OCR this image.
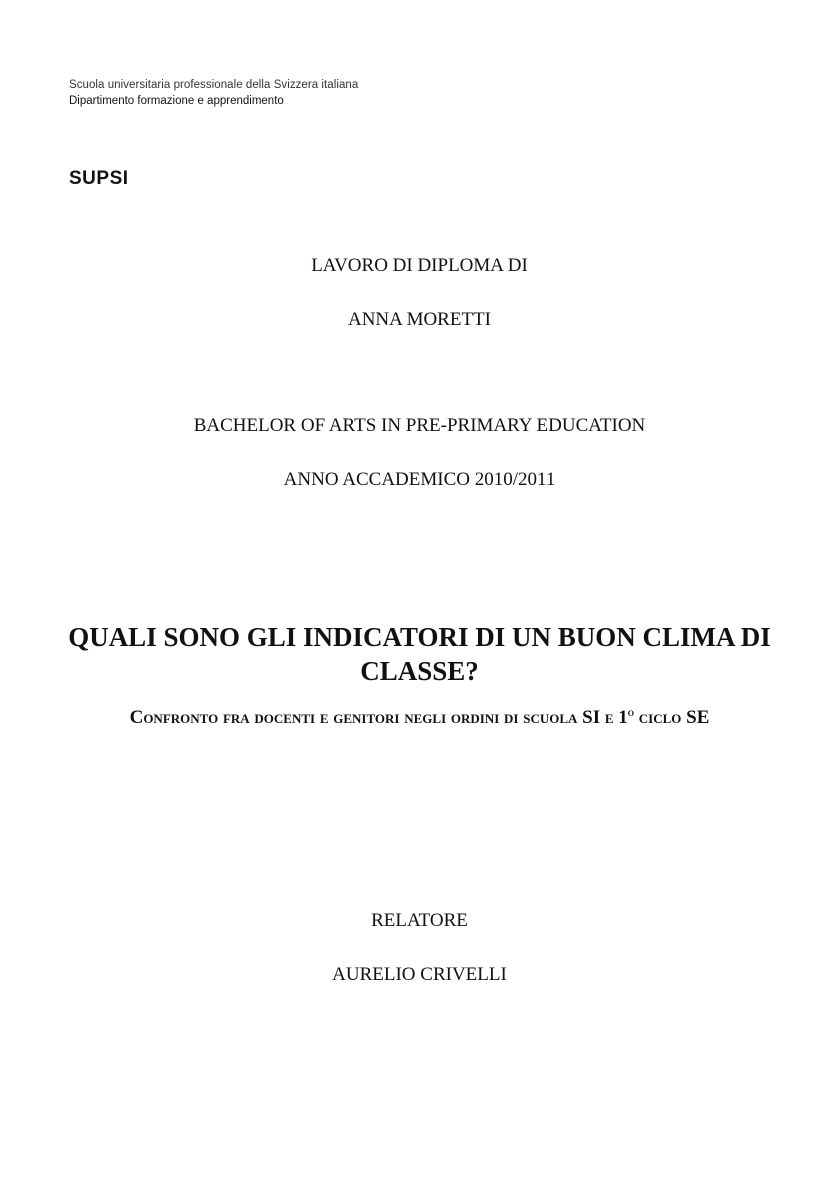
Scuola universitaria professionale della Svizzera italiana
Dipartimento formazione e apprendimento
SUPSI
LAVORO DI DIPLOMA DI
ANNA MORETTI
BACHELOR OF ARTS IN PRE-PRIMARY EDUCATION
ANNO ACCADEMICO 2010/2011
QUALI SONO GLI INDICATORI DI UN BUON CLIMA DI CLASSE?
Confronto fra docenti e genitori negli ordini di scuola SI e 1$^o$ ciclo SE
RELATORE
AURELIO CRIVELLI
